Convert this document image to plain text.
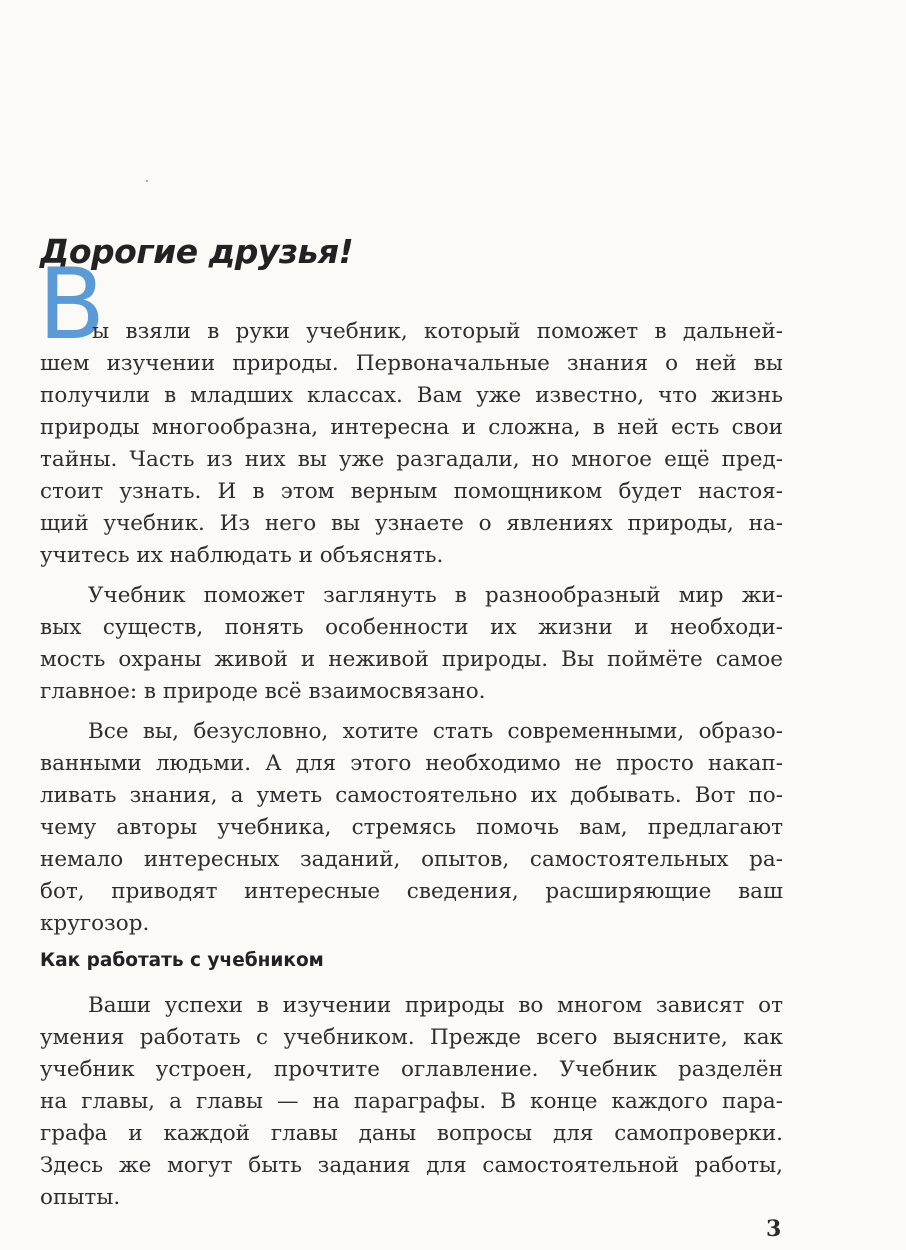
Дорогие друзья!
В
ы взяли в руки учебник, который поможет в дальней-
шем изучении природы. Первоначальные знания о ней вы
получили в младших классах. Вам уже известно, что жизнь
природы многообразна, интересна и сложна, в ней есть свои
тайны. Часть из них вы уже разгадали, но многое ещё пред-
стоит узнать. И в этом верным помощником будет настоя-
щий учебник. Из него вы узнаете о явлениях природы, на-
учитесь их наблюдать и объяснять.
Учебник поможет заглянуть в разнообразный мир жи-
вых существ, понять особенности их жизни и необходи-
мость охраны живой и неживой природы. Вы поймёте самое
главное: в природе всё взаимосвязано.
Все вы, безусловно, хотите стать современными, образо-
ванными людьми. А для этого необходимо не просто накап-
ливать знания, а уметь самостоятельно их добывать. Вот по-
чему авторы учебника, стремясь помочь вам, предлагают
немало интересных заданий, опытов, самостоятельных ра-
бот, приводят интересные сведения, расширяющие ваш
кругозор.
Как работать с учебником
Ваши успехи в изучении природы во многом зависят от
умения работать с учебником. Прежде всего выясните, как
учебник устроен, прочтите оглавление. Учебник разделён
на главы, а главы — на параграфы. В конце каждого пара-
графа и каждой главы даны вопросы для самопроверки.
Здесь же могут быть задания для самостоятельной работы,
опыты.
3
